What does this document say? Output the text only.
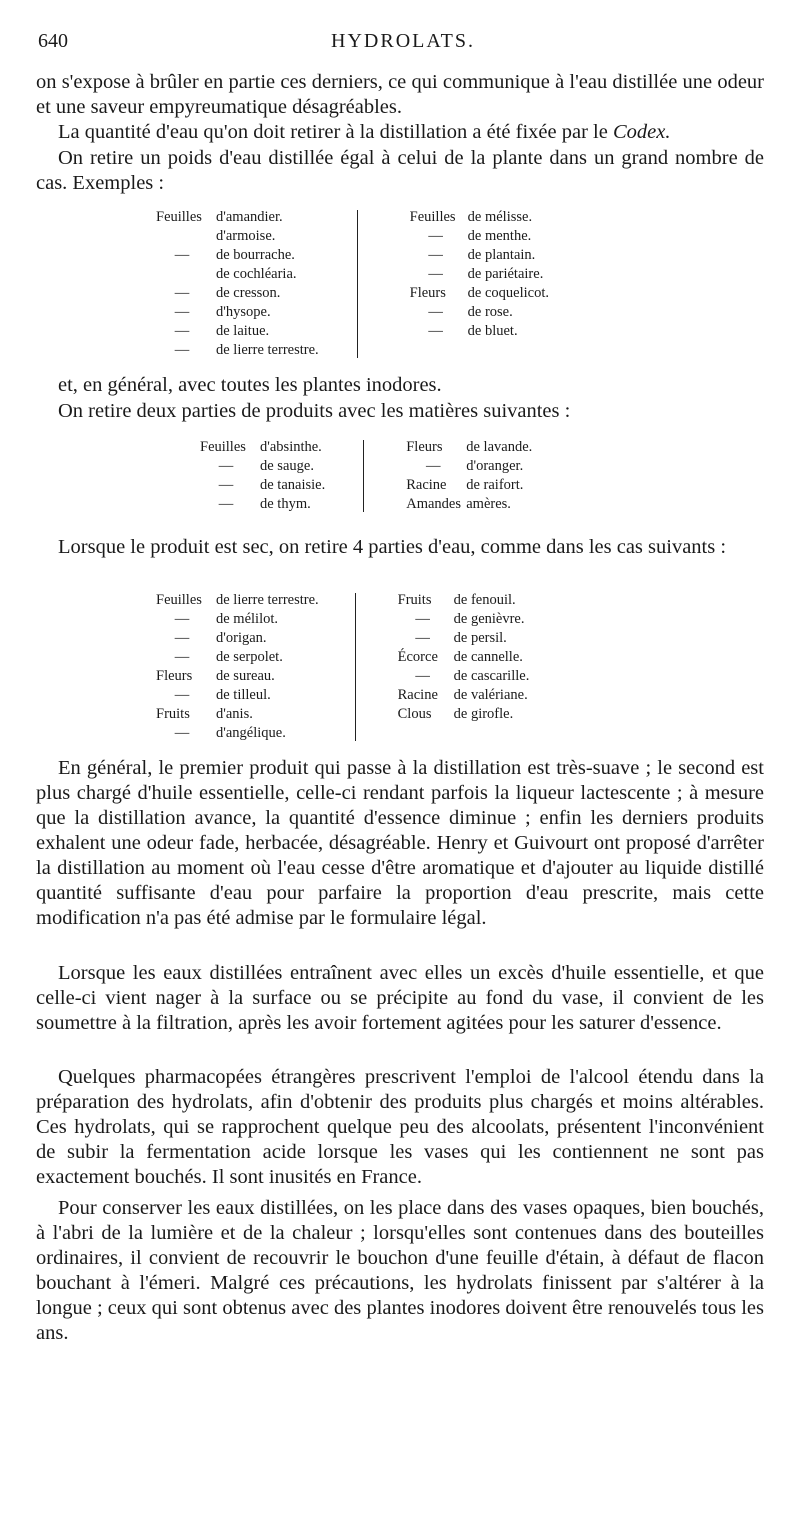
640	HYDROLATS.

on s'expose à brûler en partie ces derniers, ce qui communique à l'eau distillée une odeur et une saveur empyreumatique désagréables.

La quantité d'eau qu'on doit retirer à la distillation a été fixée par le Codex.

On retire un poids d'eau distillée égal à celui de la plante dans un grand nombre de cas. Exemples :

Feuilles d'amandier.
d'armoise.
—	de bourrache.
de cochléaria.
—	de cresson.
—	d'hysope.
—	de laitue.
—	de lierre terrestre.
Feuilles de mélisse.
—	de menthe.
—	de plantain.
—	de pariétaire.
Fleurs	de coquelicot.
—	de rose.
—	de bluet.

et, en général, avec toutes les plantes inodores.

On retire deux parties de produits avec les matières suivantes :

Feuilles d'absinthe.
—	de sauge.
—	de tanaisie.
—	de thym.
Fleurs	de lavande.
—	d'oranger.
Racine	de raifort.
Amandes amères.

Lorsque le produit est sec, on retire 4 parties d'eau, comme dans les cas suivants :

Feuilles de lierre terrestre.
—	de mélilot.
—	d'origan.
—	de serpolet.
Fleurs	de sureau.
—	de tilleul.
Fruits	d'anis.
—	d'angélique.
Fruits	de fenouil.
—	de genièvre.
—	de persil.
Écorce	de cannelle.
—	de cascarille.
Racine	de valériane.
Clous	de girofle.

En général, le premier produit qui passe à la distillation est très-suave ; le second est plus chargé d'huile essentielle, celle-ci rendant parfois la liqueur lactescente ; à mesure que la distillation avance, la quantité d'essence diminue ; enfin les derniers produits exhalent une odeur fade, herbacée, désagréable. Henry et Guivourt ont proposé d'arrêter la distillation au moment où l'eau cesse d'être aromatique et d'ajouter au liquide distillé quantité suffisante d'eau pour parfaire la proportion d'eau prescrite, mais cette modification n'a pas été admise par le formulaire légal.

Lorsque les eaux distillées entraînent avec elles un excès d'huile essentielle, et que celle-ci vient nager à la surface ou se précipite au fond du vase, il convient de les soumettre à la filtration, après les avoir fortement agitées pour les saturer d'essence.

Quelques pharmacopées étrangères prescrivent l'emploi de l'alcool étendu dans la préparation des hydrolats, afin d'obtenir des produits plus chargés et moins altérables. Ces hydrolats, qui se rapprochent quelque peu des alcoolats, présentent l'inconvénient de subir la fermentation acide lorsque les vases qui les contiennent ne sont pas exactement bouchés. Il sont inusités en France.

Pour conserver les eaux distillées, on les place dans des vases opaques, bien bouchés, à l'abri de la lumière et de la chaleur ; lorsqu'elles sont contenues dans des bouteilles ordinaires, il convient de recouvrir le bouchon d'une feuille d'étain, à défaut de flacon bouchant à l'émeri. Malgré ces précautions, les hydrolats finissent par s'altérer à la longue ; ceux qui sont obtenus avec des plantes inodores doivent être renouvelés tous les ans.
